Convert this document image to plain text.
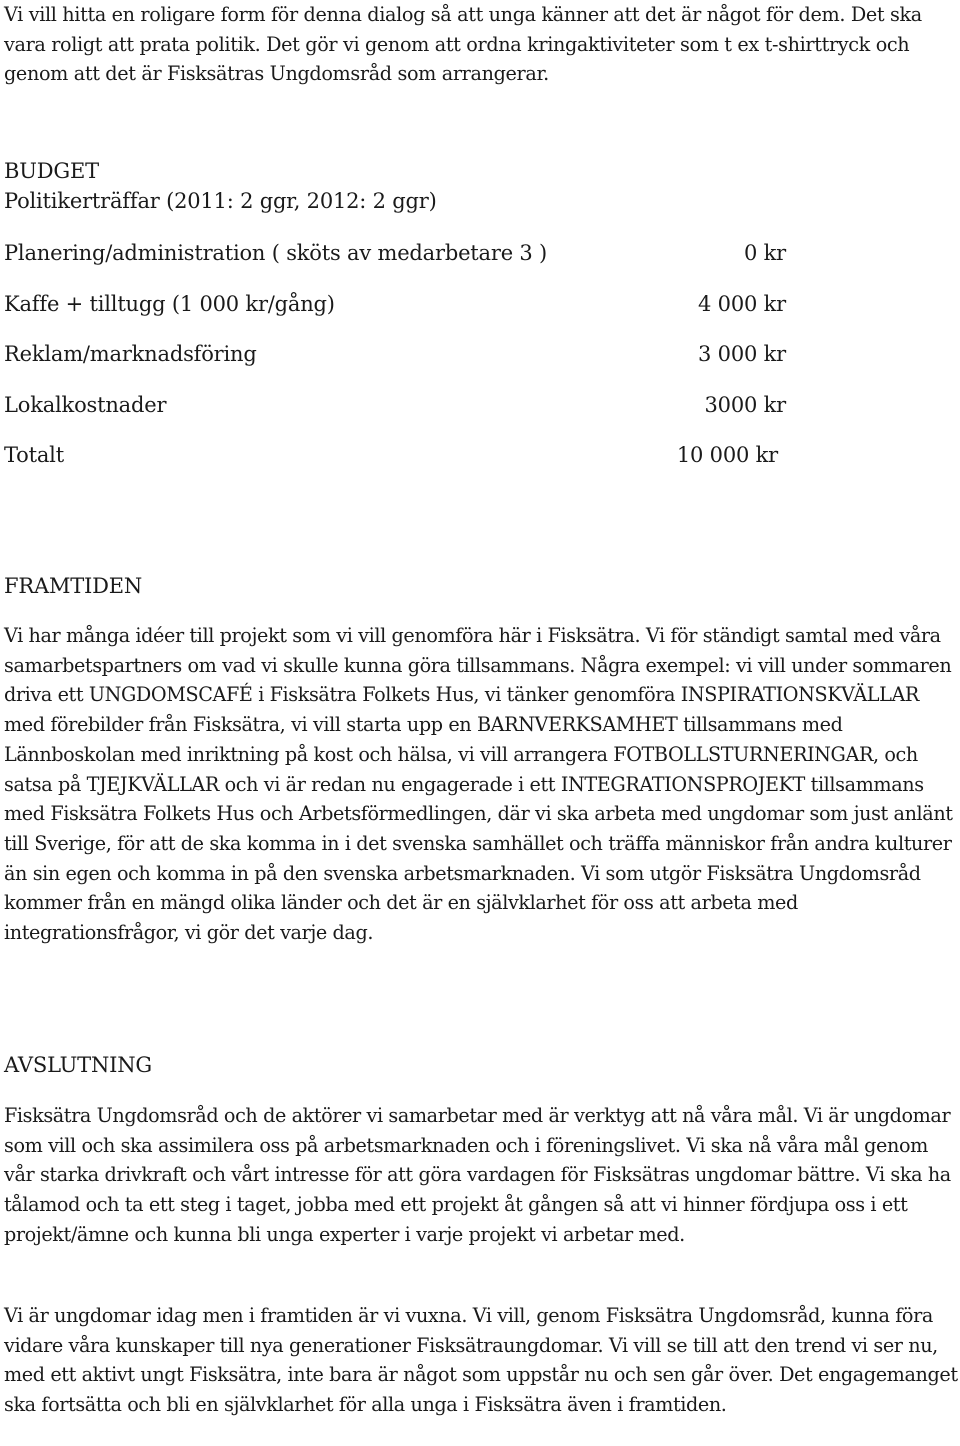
Vi vill hitta en roligare form för denna dialog så att unga känner att det är något för dem. Det ska vara roligt att prata politik. Det gör vi genom att ordna kringaktiviteter som t ex t-shirttryck och genom att det är Fisksätras Ungdomsråd som arrangerar.

BUDGET
Politikerträffar (2011: 2 ggr, 2012: 2 ggr)
Planering/administration ( sköts av medarbetare 3 )	0 kr
Kaffe + tilltugg (1 000 kr/gång)	4 000 kr
Reklam/marknadsföring	3 000 kr
Lokalkostnader	3000 kr
Totalt	10 000 kr
FRAMTIDEN

Vi har många idéer till projekt som vi vill genomföra här i Fisksätra. Vi för ständigt samtal med våra samarbetspartners om vad vi skulle kunna göra tillsammans. Några exempel: vi vill under sommaren driva ett UNGDOMSCAFÉ i Fisksätra Folkets Hus, vi tänker genomföra INSPIRATIONSKVÄLLAR med förebilder från Fisksätra, vi vill starta upp en BARNVERKSAMHET tillsammans med Lännboskolan med inriktning på kost och hälsa, vi vill arrangera FOTBOLLSTURNERINGAR, och satsa på TJEJKVÄLLAR och vi är redan nu engagerade i ett INTEGRATIONSPROJEKT tillsammans med Fisksätra Folkets Hus och Arbetsförmedlingen, där vi ska arbeta med ungdomar som just anlänt till Sverige, för att de ska komma in i det svenska samhället och träffa människor från andra kulturer än sin egen och komma in på den svenska arbetsmarknaden. Vi som utgör Fisksätra Ungdomsråd kommer från en mängd olika länder och det är en självklarhet för oss att arbeta med integrationsfrågor, vi gör det varje dag.

AVSLUTNING

Fisksätra Ungdomsråd och de aktörer vi samarbetar med är verktyg att nå våra mål. Vi är ungdomar som vill och ska assimilera oss på arbetsmarknaden och i föreningslivet. Vi ska nå våra mål genom vår starka drivkraft och vårt intresse för att göra vardagen för Fisksätras ungdomar bättre. Vi ska ha tålamod och ta ett steg i taget, jobba med ett projekt åt gången så att vi hinner fördjupa oss i ett projekt/ämne och kunna bli unga experter i varje projekt vi arbetar med.

Vi är ungdomar idag men i framtiden är vi vuxna. Vi vill, genom Fisksätra Ungdomsråd, kunna föra vidare våra kunskaper till nya generationer Fisksätraungdomar. Vi vill se till att den trend vi ser nu, med ett aktivt ungt Fisksätra, inte bara är något som uppstår nu och sen går över. Det engagemanget ska fortsätta och bli en självklarhet för alla unga i Fisksätra även i framtiden.
